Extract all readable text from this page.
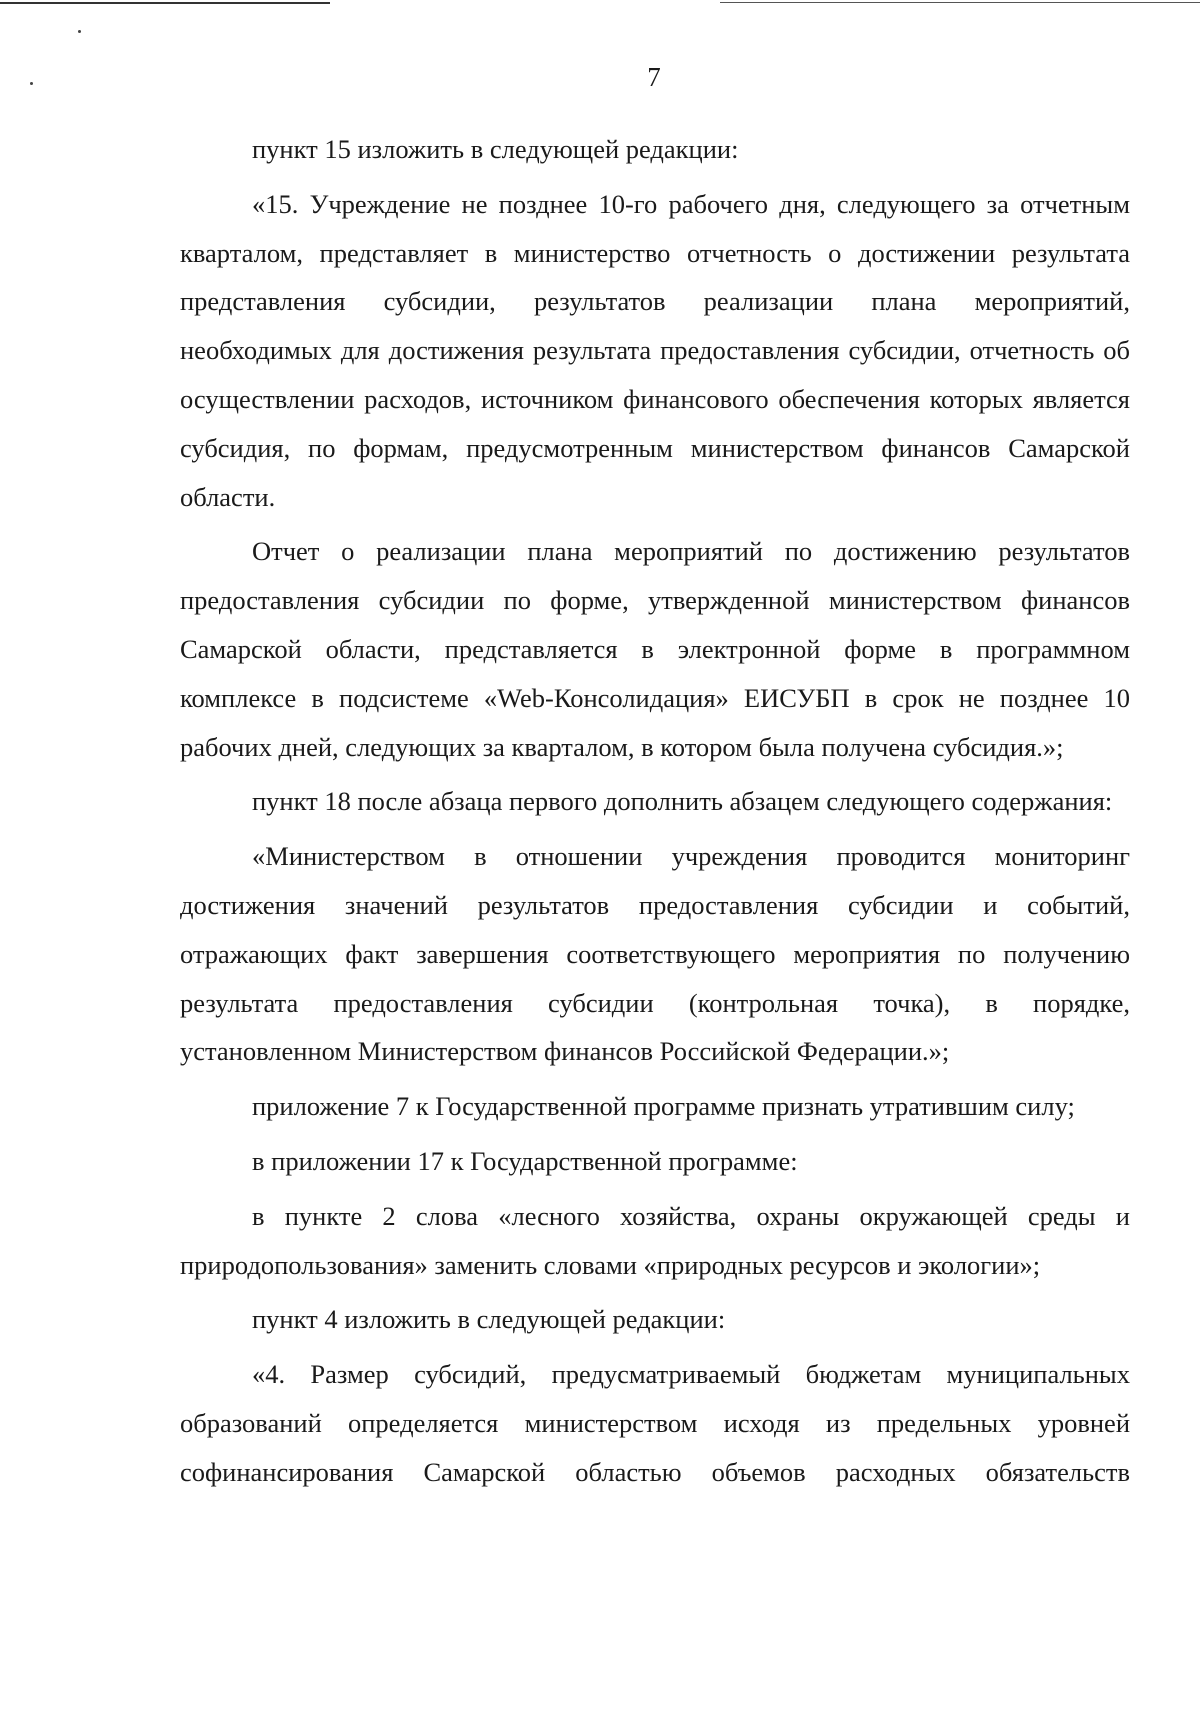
7

пункт 15 изложить в следующей редакции:

«15. Учреждение не позднее 10-го рабочего дня, следующего за отчетным кварталом, представляет в министерство отчетность о достижении результата представления субсидии, результатов реализации плана мероприятий, необходимых для достижения результата предоставления субсидии, отчетность об осуществлении расходов, источником финансового обеспечения которых является субсидия, по формам, предусмотренным министерством финансов Самарской области.

Отчет о реализации плана мероприятий по достижению результатов предоставления субсидии по форме, утвержденной министерством финансов Самарской области, представляется в электронной форме в программном комплексе в подсистеме «Web-Консолидация» ЕИСУБП в срок не позднее 10 рабочих дней, следующих за кварталом, в котором была получена субсидия.»;

пункт 18 после абзаца первого дополнить абзацем следующего содержания:

«Министерством в отношении учреждения проводится мониторинг достижения значений результатов предоставления субсидии и событий, отражающих факт завершения соответствующего мероприятия по получению результата предоставления субсидии (контрольная точка), в порядке, установленном Министерством финансов Российской Федерации.»;

приложение 7 к Государственной программе признать утратившим силу;

в приложении 17 к Государственной программе:

в пункте 2 слова «лесного хозяйства, охраны окружающей среды и природопользования» заменить словами «природных ресурсов и экологии»;

пункт 4 изложить в следующей редакции:

«4. Размер субсидий, предусматриваемый бюджетам муниципальных образований определяется министерством исходя из предельных уровней софинансирования Самарской областью объемов расходных обязательств
